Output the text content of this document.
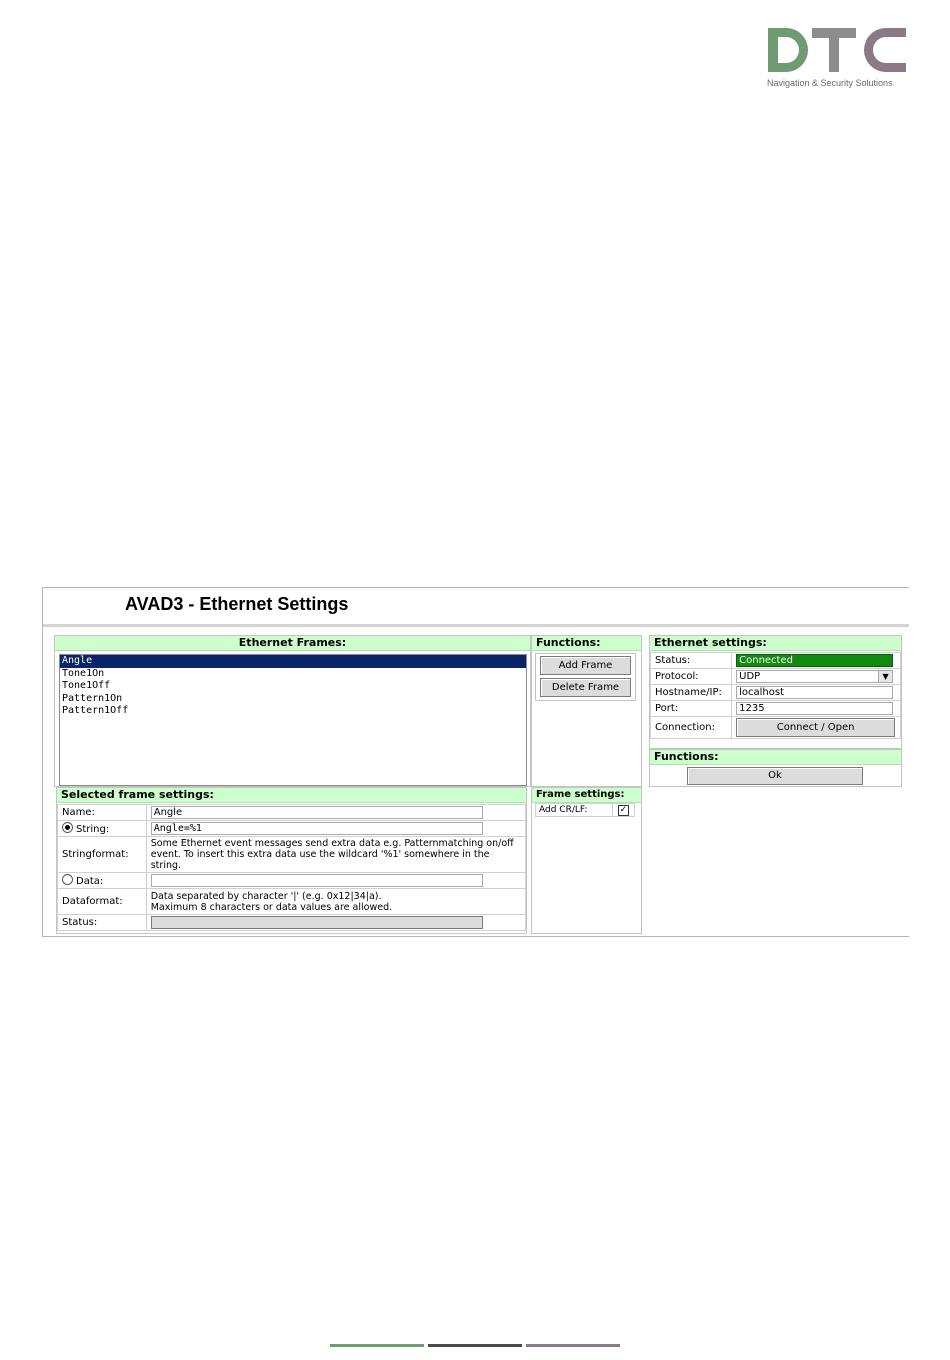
Navigation & Security Solutions
AVAD3 - Ethernet Settings
Ethernet Frames:
Angle
Tone1On
Tone1Off
Pattern1On
Pattern1Off
Functions:
Add Frame
Delete Frame
Selected frame settings:
Name:	Angle

String:	Angle=%1

Stringformat:	Some Ethernet event messages send extra data e.g. Patternmatching on/off event. To insert this extra data use the wildcard '%1' somewhere in the string.
Data:	

Dataformat:	Data separated by character '|' (e.g. 0x12|34|a).
Maximum 8 characters or data values are allowed.

Status:	
Frame settings:
Add CR/LF:	✓
Ethernet settings:
Status:	Connected

Protocol:	UDP ▼

Hostname/IP:	localhost

Port:	1235

Connection:	Connect / Open
Functions:
Ok
